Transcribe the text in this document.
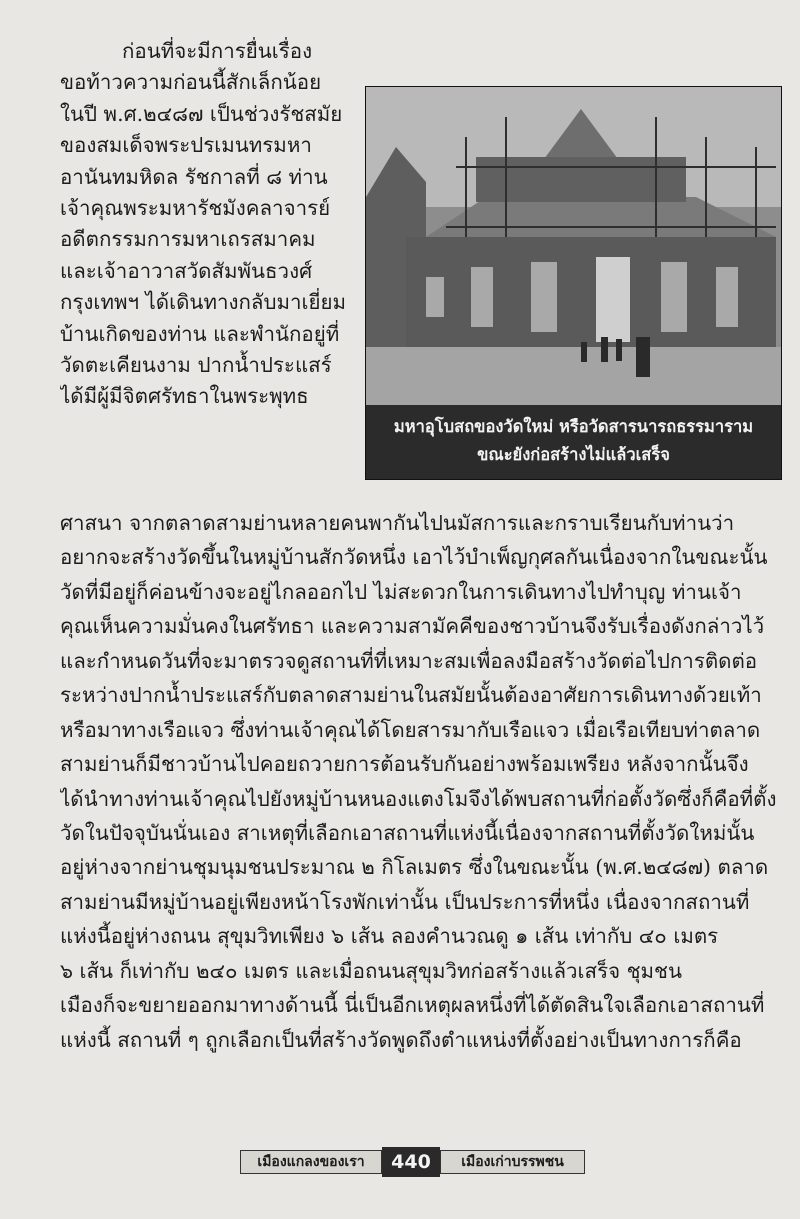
ก่อนที่จะมีการยื่นเรื่อง
ขอท้าวความก่อนนี้สักเล็กน้อย
ในปี พ.ศ.๒๔๘๗ เป็นช่วงรัชสมัย
ของสมเด็จพระปรเมนทรมหา
อานันทมหิดล รัชกาลที่ ๘ ท่าน
เจ้าคุณพระมหารัชมังคลาจารย์
อดีตกรรมการมหาเถรสมาคม
และเจ้าอาวาสวัดสัมพันธวงศ์
กรุงเทพฯ ได้เดินทางกลับมาเยี่ยม
บ้านเกิดของท่าน และพำนักอยู่ที่
วัดตะเคียนงาม ปากน้ำประแสร์
ได้มีผู้มีจิตศรัทธาในพระพุทธ
มหาอุโบสถของวัดใหม่ หรือวัดสารนารถธรรมาราม
ขณะยังก่อสร้างไม่แล้วเสร็จ
ศาสนา จากตลาดสามย่านหลายคนพากันไปนมัสการและกราบเรียนกับท่านว่า
อยากจะสร้างวัดขึ้นในหมู่บ้านสักวัดหนึ่ง เอาไว้บำเพ็ญกุศลกันเนื่องจากในขณะนั้น
วัดที่มีอยู่ก็ค่อนข้างจะอยู่ไกลออกไป ไม่สะดวกในการเดินทางไปทำบุญ ท่านเจ้า
คุณเห็นความมั่นคงในศรัทธา และความสามัคคีของชาวบ้านจึงรับเรื่องดังกล่าวไว้
และกำหนดวันที่จะมาตรวจดูสถานที่ที่เหมาะสมเพื่อลงมือสร้างวัดต่อไปการติดต่อ
ระหว่างปากน้ำประแสร์กับตลาดสามย่านในสมัยนั้นต้องอาศัยการเดินทางด้วยเท้า
หรือมาทางเรือแจว ซึ่งท่านเจ้าคุณได้โดยสารมากับเรือแจว เมื่อเรือเทียบท่าตลาด
สามย่านก็มีชาวบ้านไปคอยถวายการต้อนรับกันอย่างพร้อมเพรียง หลังจากนั้นจึง
ได้นำทางท่านเจ้าคุณไปยังหมู่บ้านหนองแตงโมจึงได้พบสถานที่ก่อตั้งวัดซึ่งก็คือที่ตั้ง
วัดในปัจจุบันนั่นเอง สาเหตุที่เลือกเอาสถานที่แห่งนี้เนื่องจากสถานที่ตั้งวัดใหม่นั้น
อยู่ห่างจากย่านชุมนุมชนประมาณ ๒ กิโลเมตร ซึ่งในขณะนั้น (พ.ศ.๒๔๘๗) ตลาด
สามย่านมีหมู่บ้านอยู่เพียงหน้าโรงพักเท่านั้น เป็นประการที่หนึ่ง เนื่องจากสถานที่
แห่งนี้อยู่ห่างถนน สุขุมวิทเพียง ๖ เส้น ลองคำนวณดู ๑ เส้น เท่ากับ ๔๐ เมตร
๖ เส้น ก็เท่ากับ ๒๔๐ เมตร และเมื่อถนนสุขุมวิทก่อสร้างแล้วเสร็จ ชุมชน
เมืองก็จะขยายออกมาทางด้านนี้ นี่เป็นอีกเหตุผลหนึ่งที่ได้ตัดสินใจเลือกเอาสถานที่
แห่งนี้ สถานที่ ๆ ถูกเลือกเป็นที่สร้างวัดพูดถึงตำแหน่งที่ตั้งอย่างเป็นทางการก็คือ
เมืองแกลงของเรา	440	เมืองเก่าบรรพชน
